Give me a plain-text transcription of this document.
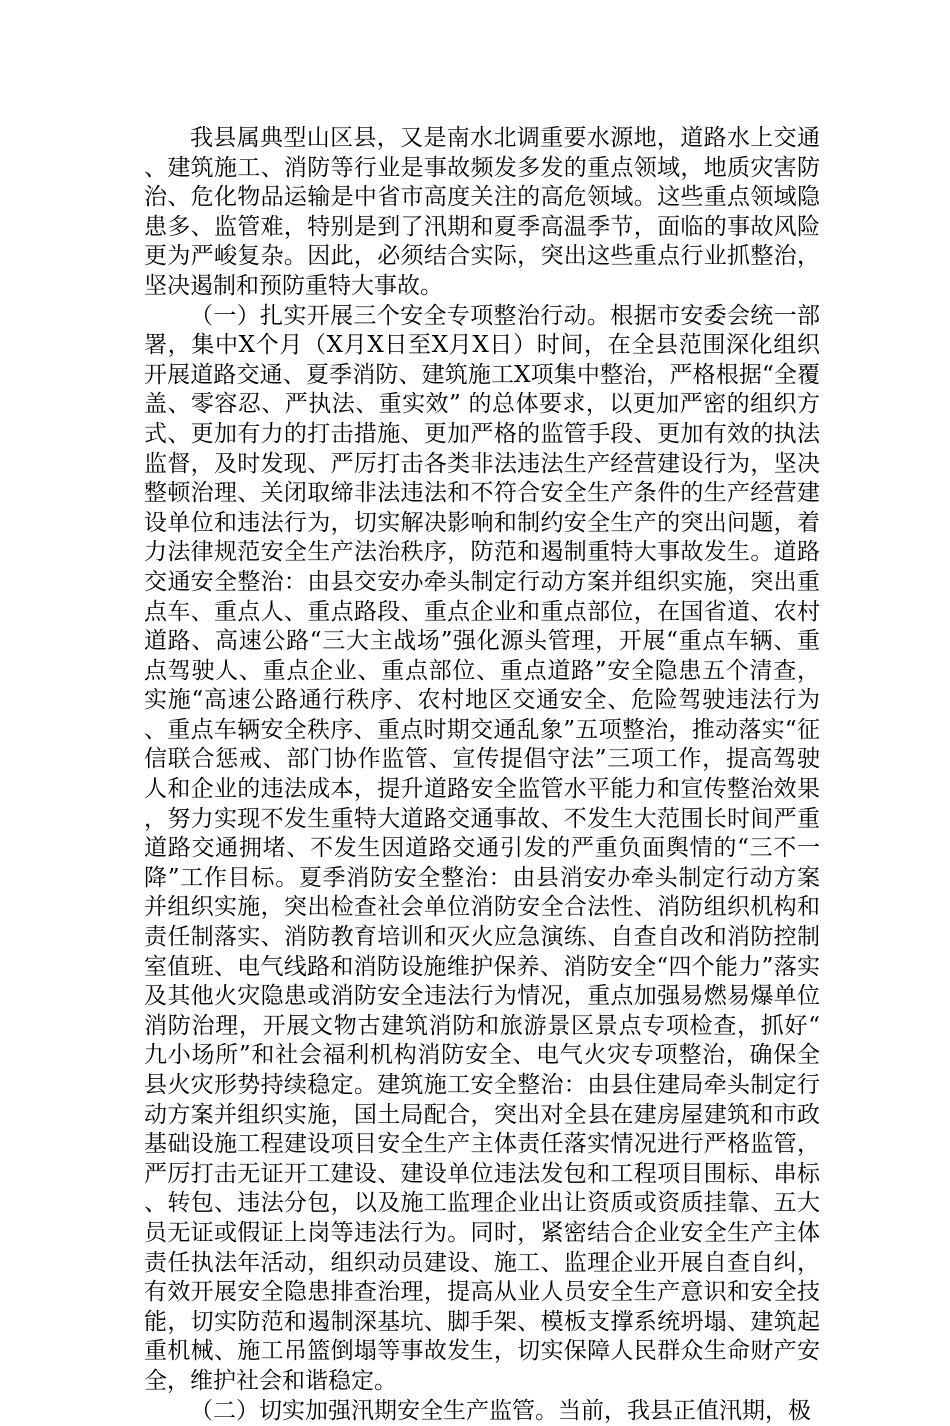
我县属典型山区县，又是南水北调重要水源地，道路水上交通、建筑施工、消防等行业是事故频发多发的重点领域，地质灾害防治、危化物品运输是中省市高度关注的高危领域。这些重点领域隐患多、监管难，特别是到了汛期和夏季高温季节，面临的事故风险更为严峻复杂。因此，必须结合实际，突出这些重点行业抓整治，坚决遏制和预防重特大事故。

（一）扎实开展三个安全专项整治行动。根据市安委会统一部署，集中X个月（X月X日至X月X日）时间，在全县范围深化组织开展道路交通、夏季消防、建筑施工X项集中整治，严格根据“全覆盖、零容忍、严执法、重实效” 的总体要求，以更加严密的组织方式、更加有力的打击措施、更加严格的监管手段、更加有效的执法监督，及时发现、严厉打击各类非法违法生产经营建设行为，坚决整顿治理、关闭取缔非法违法和不符合安全生产条件的生产经营建设单位和违法行为，切实解决影响和制约安全生产的突出问题，着力法律规范安全生产法治秩序，防范和遏制重特大事故发生。道路交通安全整治：由县交安办牵头制定行动方案并组织实施，突出重点车、重点人、重点路段、重点企业和重点部位，在国省道、农村道路、高速公路“三大主战场”强化源头管理，开展“重点车辆、重点驾驶人、重点企业、重点部位、重点道路”安全隐患五个清查，实施“高速公路通行秩序、农村地区交通安全、危险驾驶违法行为、重点车辆安全秩序、重点时期交通乱象”五项整治，推动落实“征信联合惩戒、部门协作监管、宣传提倡守法”三项工作，提高驾驶人和企业的违法成本，提升道路安全监管水平能力和宣传整治效果，努力实现不发生重特大道路交通事故、不发生大范围长时间严重道路交通拥堵、不发生因道路交通引发的严重负面舆情的“三不一降”工作目标。夏季消防安全整治：由县消安办牵头制定行动方案并组织实施，突出检查社会单位消防安全合法性、消防组织机构和责任制落实、消防教育培训和灭火应急演练、自查自改和消防控制室值班、电气线路和消防设施维护保养、消防安全“四个能力”落实及其他火灾隐患或消防安全违法行为情况，重点加强易燃易爆单位消防治理，开展文物古建筑消防和旅游景区景点专项检查，抓好“九小场所”和社会福利机构消防安全、电气火灾专项整治，确保全县火灾形势持续稳定。建筑施工安全整治：由县住建局牵头制定行动方案并组织实施，国土局配合，突出对全县在建房屋建筑和市政基础设施工程建设项目安全生产主体责任落实情况进行严格监管，严厉打击无证开工建设、建设单位违法发包和工程项目围标、串标、转包、违法分包，以及施工监理企业出让资质或资质挂靠、五大员无证或假证上岗等违法行为。同时，紧密结合企业安全生产主体责任执法年活动，组织动员建设、施工、监理企业开展自查自纠，有效开展安全隐患排查治理，提高从业人员安全生产意识和安全技能，切实防范和遏制深基坑、脚手架、模板支撑系统坍塌、建筑起重机械、施工吊篮倒塌等事故发生，切实保障人民群众生命财产安全，维护社会和谐稳定。

（二）切实加强汛期安全生产监管。当前，我县正值汛期，极
